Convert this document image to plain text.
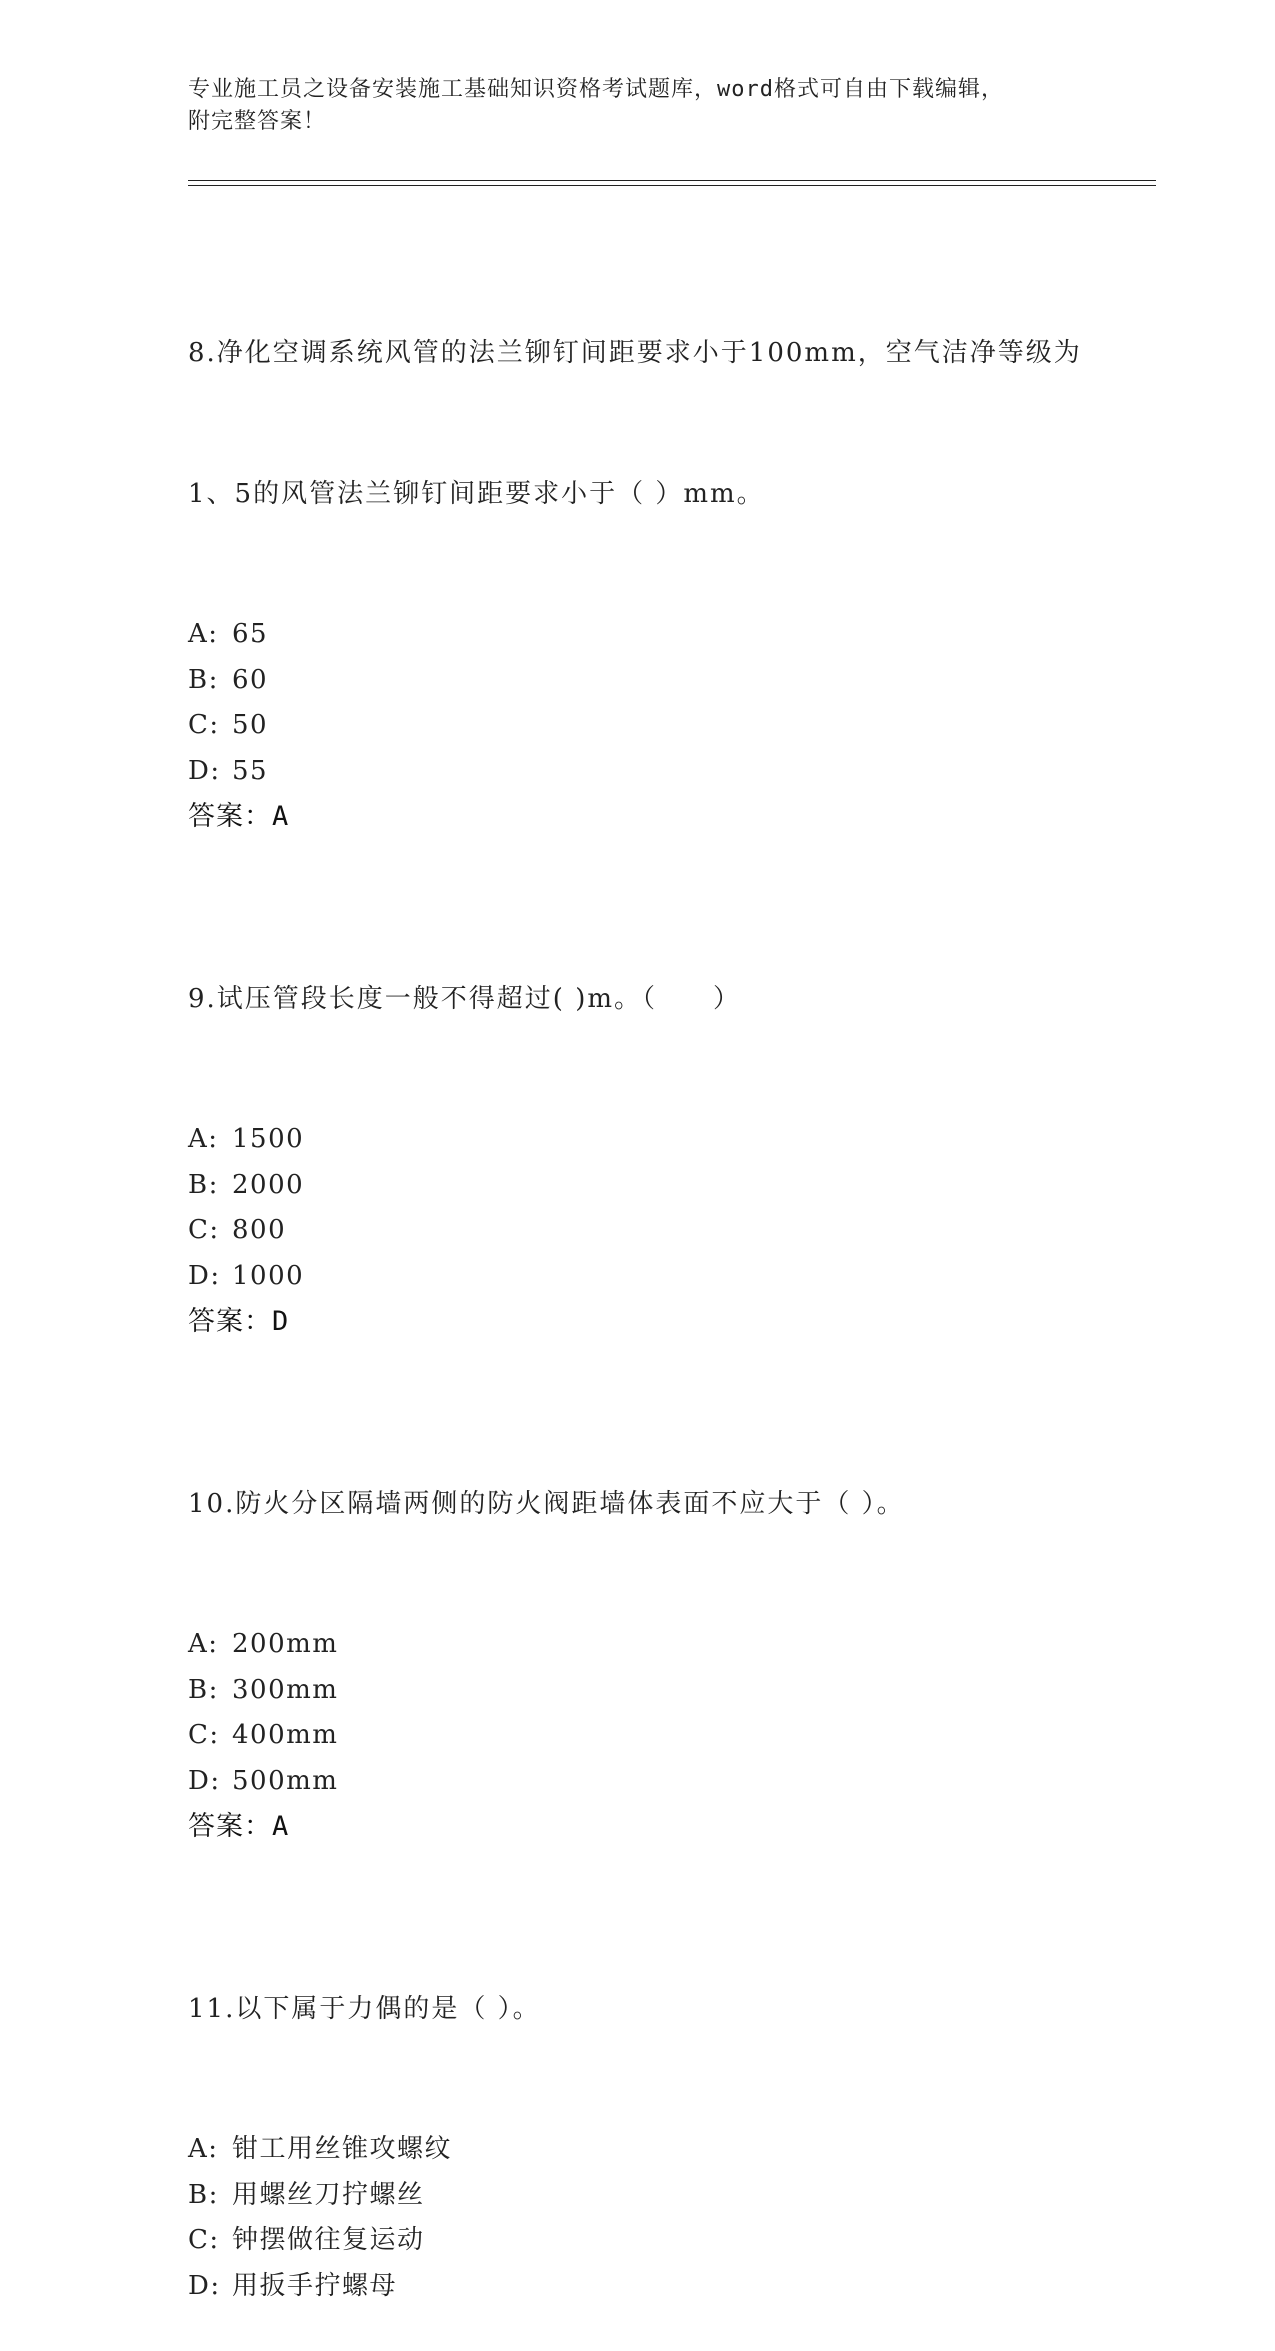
专业施工员之设备安装施工基础知识资格考试题库，word格式可自由下载编辑，
附完整答案！

8.净化空调系统风管的法兰铆钉间距要求小于100mm，空气洁净等级为

1、5的风管法兰铆钉间距要求小于（ ）mm。

A: 65
B: 60
C: 50
D: 55
答案：A

9.试压管段长度一般不得超过( )m。（　　）

A: 1500
B: 2000
C: 800
D: 1000
答案：D

10.防火分区隔墙两侧的防火阀距墙体表面不应大于（ ）。

A: 200mm
B: 300mm
C: 400mm
D: 500mm
答案：A

11.以下属于力偶的是（ ）。

A: 钳工用丝锥攻螺纹
B: 用螺丝刀拧螺丝
C: 钟摆做往复运动
D: 用扳手拧螺母
